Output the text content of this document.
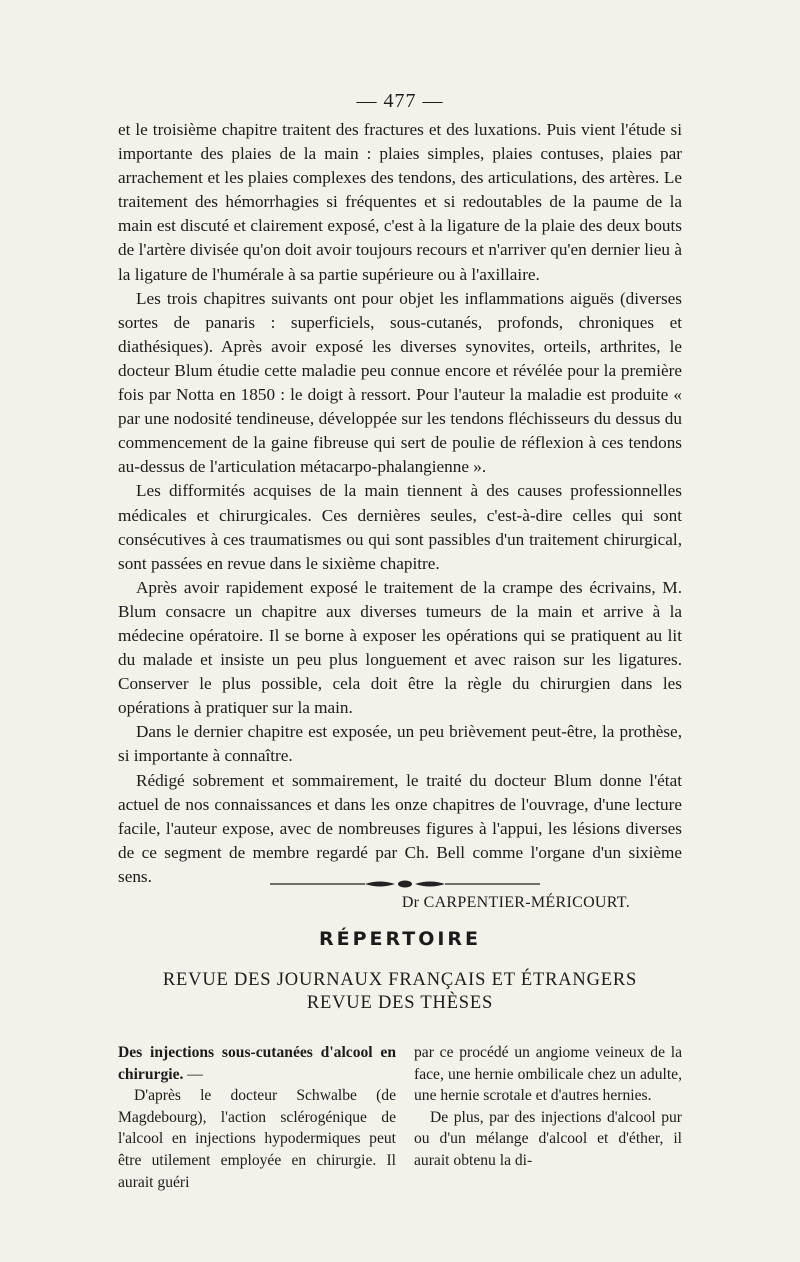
— 477 —

et le troisième chapitre traitent des fractures et des luxations. Puis vient l'étude si importante des plaies de la main : plaies simples, plaies contuses, plaies par arrachement et les plaies complexes des tendons, des articulations, des artères. Le traitement des hémorrhagies si fréquentes et si redoutables de la paume de la main est discuté et clairement exposé, c'est à la ligature de la plaie des deux bouts de l'artère divisée qu'on doit avoir toujours recours et n'arriver qu'en dernier lieu à la ligature de l'humérale à sa partie supérieure ou à l'axillaire.

Les trois chapitres suivants ont pour objet les inflammations aiguës (diverses sortes de panaris : superficiels, sous-cutanés, profonds, chroniques et diathésiques). Après avoir exposé les diverses synovites, orteils, arthrites, le docteur Blum étudie cette maladie peu connue encore et révélée pour la première fois par Notta en 1850 : le doigt à ressort. Pour l'auteur la maladie est produite « par une nodosité tendineuse, développée sur les tendons fléchisseurs du dessus du commencement de la gaine fibreuse qui sert de poulie de réflexion à ces tendons au-dessus de l'articulation métacarpo-phalangienne ».

Les difformités acquises de la main tiennent à des causes professionnelles médicales et chirurgicales. Ces dernières seules, c'est-à-dire celles qui sont consécutives à ces traumatismes ou qui sont passibles d'un traitement chirurgical, sont passées en revue dans le sixième chapitre.

Après avoir rapidement exposé le traitement de la crampe des écrivains, M. Blum consacre un chapitre aux diverses tumeurs de la main et arrive à la médecine opératoire. Il se borne à exposer les opérations qui se pratiquent au lit du malade et insiste un peu plus longuement et avec raison sur les ligatures. Conserver le plus possible, cela doit être la règle du chirurgien dans les opérations à pratiquer sur la main.

Dans le dernier chapitre est exposée, un peu brièvement peut-être, la prothèse, si importante à connaître.

Rédigé sobrement et sommairement, le traité du docteur Blum donne l'état actuel de nos connaissances et dans les onze chapitres de l'ouvrage, d'une lecture facile, l'auteur expose, avec de nombreuses figures à l'appui, les lésions diverses de ce segment de membre regardé par Ch. Bell comme l'organe d'un sixième sens.

Dr CARPENTIER-MÉRICOURT.
RÉPERTOIRE
REVUE DES JOURNAUX FRANÇAIS ET ÉTRANGERS
REVUE DES THÈSES

Des injections sous-cutanées d'alcool en chirurgie. —

D'après le docteur Schwalbe (de Magdebourg), l'action sclérogénique de l'alcool en injections hypodermiques peut être utilement employée en chirurgie. Il aurait guéri

par ce procédé un angiome veineux de la face, une hernie ombilicale chez un adulte, une hernie scrotale et d'autres hernies.

De plus, par des injections d'alcool pur ou d'un mélange d'alcool et d'éther, il aurait obtenu la di-
